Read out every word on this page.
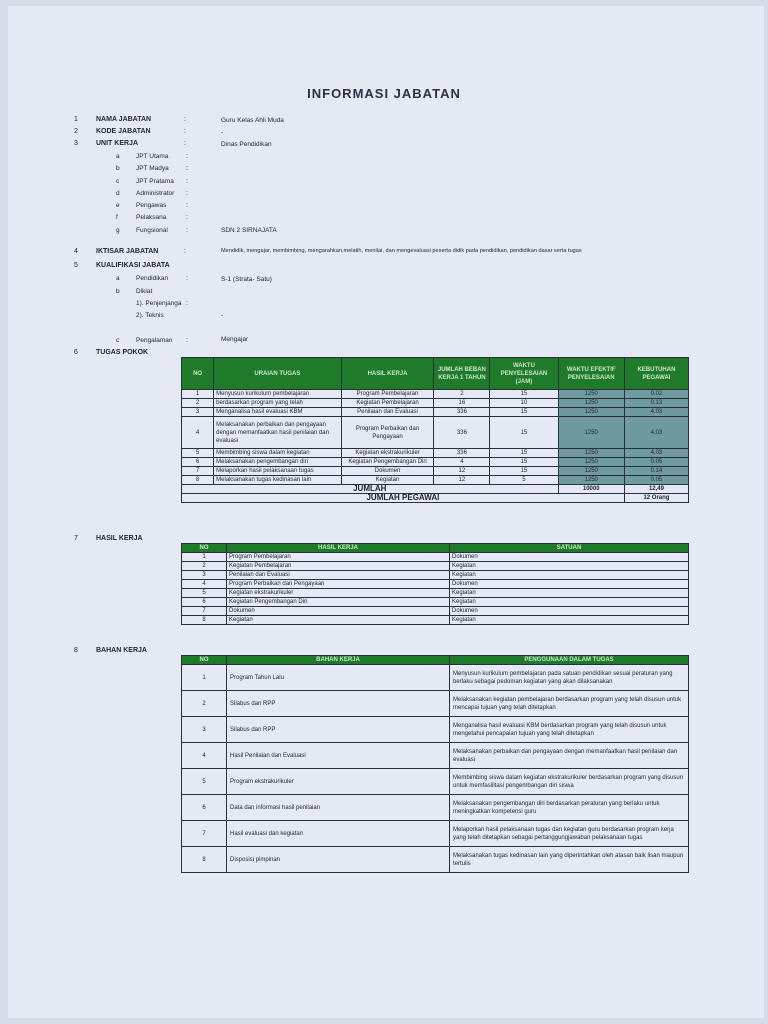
INFORMASI JABATAN
1	NAMA JABATAN	:	Guru Kelas Ahli Muda
2	KODE JABATAN	:	-
3	UNIT KERJA	:	Dinas Pendidikan
a	JPT Utama	:
b	JPT Madya :
c	JPT Pratama :
d	Administrator :
e	Pengawas	:
f	Pelaksana	:
g	Fungsional	:	SDN 2 SIRNAJATA
4	IKTISAR JABATAN	:	Mendidik, mengajar, membimbing, mengarahkan,melatih, menilai, dan mengevaluasi peserta didik pada pendidikan, pendidikan dasar serta tugas
5	KUALIFIKASI JABATA
a	Pendidikan	:	S-1 (Strata- Satu)
b	Diklat
1). Penjenjanga :
2). Teknis	-
c	Pengalaman :	Mengajar
6	TUGAS POKOK
NO	URAIAN TUGAS	HASIL KERJA	JUMLAH BEBAN KERJA 1 TAHUN	WAKTU PENYELESAIAN (JAM)	WAKTU EFEKTIF PENYELESAIAN	KEBUTUHAN PEGAWAI
1	Menyusun kurikulum pembelajaran	Program Pembelajaran	2	15	1250	0.02
2	berdasarkan program yang telah	Kegiatan Pembelajaran	16	10	1250	0.13
3	Menganalisa hasil evaluasi KBM	Penilaian dan Evaluasi	336	15	1250	4.03
4	Melaksanakan perbaikan dan pengayaan dengan memanfaatkan hasil penilaian dan evaluasi	Program Perbaikan dan Pengayaan	336	15	1250	4.03
5	Membimbing siswa dalam kegiatan	Kegiatan ekstrakurikuler	336	15	1250	4.03
6	Melaksanakan pengembangan diri	Kegiatan Pengembangan Diri	4	15	1250	0.05
7	Melaporkan hasil pelaksanaan tugas	Dokumen	12	15	1250	0.14
8	Melaksanakan tugas kedinasan lain	Kegiatan	12	5	1250	0.05
JUMLAH					10000	12,49
JUMLAH PEGAWAI						12 Orang
7	HASIL KERJA
NO	HASIL KERJA	SATUAN
1	Program Pembelajaran	Dokumen
2	Kegiatan Pembelajaran	Kegiatan
3	Penilaian dan Evaluasi	Kegiatan
4	Program Perbaikan dan Pengayaan	Dokumen
5	Kegiatan ekstrakurikuler	Kegiatan
6	Kegiatan Pengembangan Diri	Kegiatan
7	Dokumen	Dokumen
8	Kegiatan	Kegiatan
8	BAHAN KERJA
NO	BAHAN KERJA	PENGGUNAAN DALAM TUGAS
1	Program Tahun Lalu	Menyusun kurikulum pembelajaran pada satuan pendidikan sesuai peraturan yang berlaku sebagai pedoman kegiatan yang akan dilaksanakan
2	Silabus dan RPP	Melaksanakan kegiatan pembelajaran berdasarkan program yang telah disusun untuk mencapai tujuan yang telah ditetapkan
3	Silabus dan RPP	Menganalisa hasil evaluasi KBM berdasarkan program yang telah disusun untuk mengetahui pencapaian tujuan yang telah ditetapkan
4	Hasil Penilaian dan Evaluasi	Melaksanakan perbaikan dan pengayaan dengan memanfaatkan hasil penilaian dan evaluasi
5	Program ekstrakurikuler	Membimbing siswa dalam kegiatan ekstrakurikuler berdasarkan program yang disusun untuk memfasilitasi pengembangan diri siswa
6	Data dan informasi hasil penilaian	Melaksanakan pengembangan diri berdasarkan peraturan yang berlaku untuk meningkatkan kompetensi guru
7	Hasil evaluasi dan kegiatan	Melaporkan hasil pelaksanaan tugas dan kegiatan guru berdasarkan program kerja yang telah ditetapkan sebagai pertanggungjawaban pelaksanaan tugas
8	Disposisi pimpinan	Melaksanakan tugas kedinasan lain yang diperintahkan oleh atasan baik lisan maupun tertulis
